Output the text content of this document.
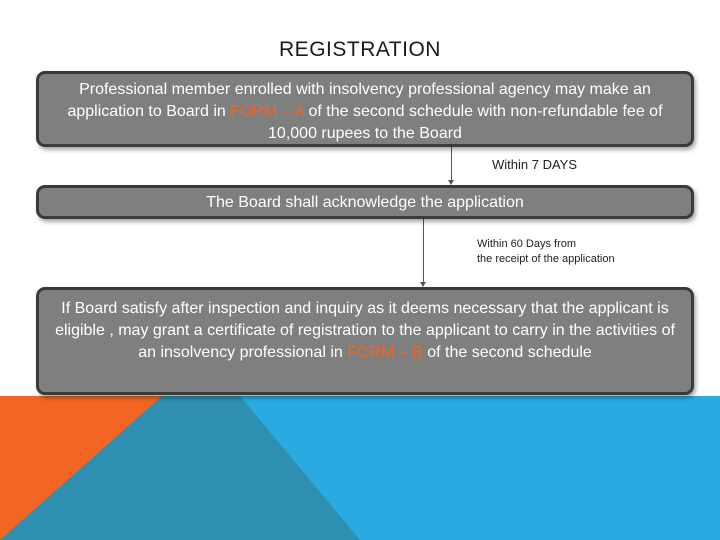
REGISTRATION
Professional member enrolled with insolvency professional agency may make an application to Board in FORM – A of the second schedule with non-refundable fee of 10,000 rupees to the Board
Within 7 DAYS
The Board shall acknowledge the application
Within 60 Days from
the receipt of the application
If Board satisfy after inspection and inquiry as it deems necessary that the applicant is eligible , may grant a certificate of registration to the applicant to carry in the activities of an insolvency professional in FORM – B of the second schedule
